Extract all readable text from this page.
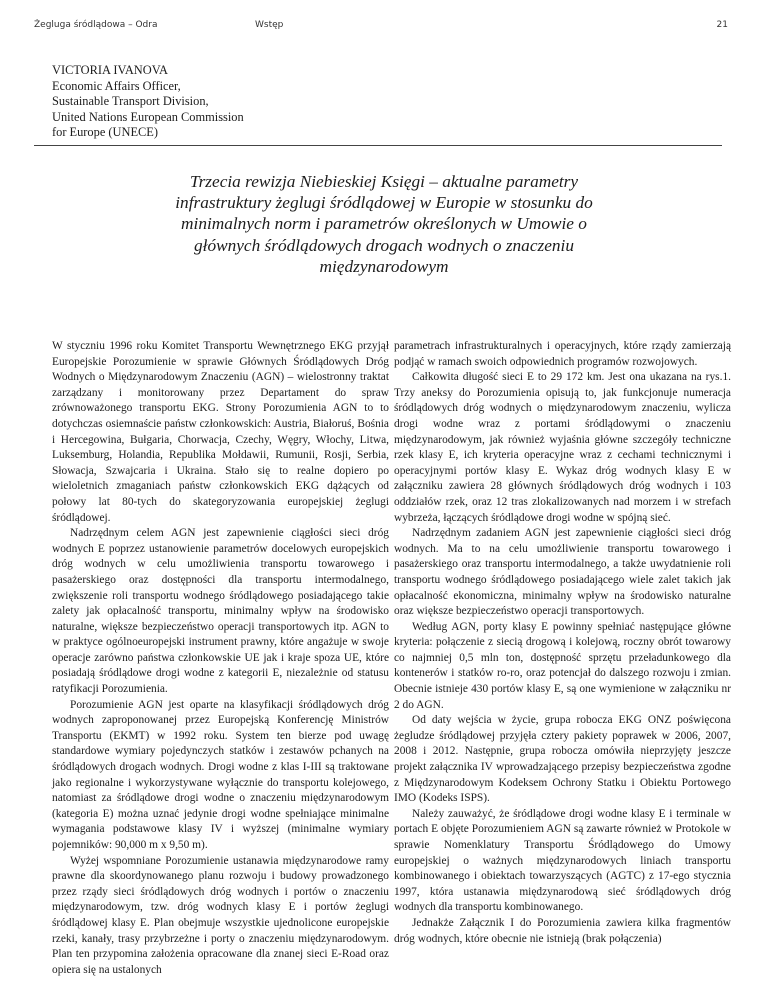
Żegluga śródlądowa – Odra	Wstęp	21
VICTORIA IVANOVA
Economic Affairs Officer,
Sustainable Transport Division,
United Nations European Commission
for Europe (UNECE)
Trzecia rewizja Niebieskiej Księgi – aktualne parametry infrastruktury żeglugi śródlądowej w Europie w stosunku do minimalnych norm i parametrów określonych w Umowie o głównych śródlądowych drogach wodnych o znaczeniu międzynarodowym

W styczniu 1996 roku Komitet Transportu Wewnętrznego EKG przyjął Europejskie Porozumienie w sprawie Głównych Śródlądowych Dróg Wodnych o Międzynarodowym Znaczeniu (AGN) – wielostronny traktat zarządzany i monitorowany przez Departament do spraw zrównoważonego transportu EKG. Strony Porozumienia AGN to to dotychczas osiemnaście państw członkowskich: Austria, Białoruś, Bośnia i Hercegowina, Bułgaria, Chorwacja, Czechy, Węgry, Włochy, Litwa, Luksemburg, Holandia, Republika Mołdawii, Rumunii, Rosji, Serbia, Słowacja, Szwajcaria i Ukraina. Stało się to realne dopiero po wieloletnich zmaganiach państw członkowskich EKG dążących od połowy lat 80-tych do skategoryzowania europejskiej żeglugi śródlądowej.

Nadrzędnym celem AGN jest zapewnienie ciągłości sieci dróg wodnych E poprzez ustanowienie parametrów docelowych europejskich dróg wodnych w celu umożliwienia transportu towarowego i pasażerskiego oraz dostępności dla transportu intermodalnego, zwiększenie roli transportu wodnego śródlądowego posiadającego takie zalety jak opłacalność transportu, minimalny wpływ na środowisko naturalne, większe bezpieczeństwo operacji transportowych itp. AGN to w praktyce ogólnoeuropejski instrument prawny, które angażuje w swoje operacje zarówno państwa członkowskie UE jak i kraje spoza UE, które posiadają śródlądowe drogi wodne z kategorii E, niezależnie od statusu ratyfikacji Porozumienia.

Porozumienie AGN jest oparte na klasyfikacji śródlądowych dróg wodnych zaproponowanej przez Europejską Konferencję Ministrów Transportu (EKMT) w 1992 roku. System ten bierze pod uwagę standardowe wymiary pojedynczych statków i zestawów pchanych na śródlądowych drogach wodnych. Drogi wodne z klas I-III są traktowane jako regionalne i wykorzystywane wyłącznie do transportu kolejowego, natomiast za śródlądowe drogi wodne o znaczeniu międzynarodowym (kategoria E) można uznać jedynie drogi wodne spełniające minimalne wymagania podstawowe klasy IV i wyższej (minimalne wymiary pojemników: 90,000 m x 9,50 m).

Wyżej wspomniane Porozumienie ustanawia międzynarodowe ramy prawne dla skoordynowanego planu rozwoju i budowy prowadzonego przez rządy sieci śródlądowych dróg wodnych i portów o znaczeniu międzynarodowym, tzw. dróg wodnych klasy E i portów żeglugi śródlądowej klasy E. Plan obejmuje wszystkie ujednolicone europejskie rzeki, kanały, trasy przybrzeżne i porty o znaczeniu międzynarodowym. Plan ten przypomina założenia opracowane dla znanej sieci E-Road oraz opiera się na ustalonych

parametrach infrastrukturalnych i operacyjnych, które rządy zamierzają podjąć w ramach swoich odpowiednich programów rozwojowych.

Całkowita długość sieci E to 29 172 km. Jest ona ukazana na rys.1. Trzy aneksy do Porozumienia opisują to, jak funkcjonuje numeracja śródlądowych dróg wodnych o międzynarodowym znaczeniu, wylicza drogi wodne wraz z portami śródlądowymi o znaczeniu międzynarodowym, jak również wyjaśnia główne szczegóły techniczne rzek klasy E, ich kryteria operacyjne wraz z cechami technicznymi i operacyjnymi portów klasy E. Wykaz dróg wodnych klasy E w załączniku zawiera 28 głównych śródlądowych dróg wodnych i 103 oddziałów rzek, oraz 12 tras zlokalizowanych nad morzem i w strefach wybrzeża, łączących śródlądowe drogi wodne w spójną sieć.

Nadrzędnym zadaniem AGN jest zapewnienie ciągłości sieci dróg wodnych. Ma to na celu umożliwienie transportu towarowego i pasażerskiego oraz transportu intermodalnego, a także uwydatnienie roli transportu wodnego śródlądowego posiadającego wiele zalet takich jak opłacalność ekonomiczna, minimalny wpływ na środowisko naturalne oraz większe bezpieczeństwo operacji transportowych.

Według AGN, porty klasy E powinny spełniać następujące główne kryteria: połączenie z siecią drogową i kolejową, roczny obrót towarowy co najmniej 0,5 mln ton, dostępność sprzętu przeładunkowego dla kontenerów i statków ro-ro, oraz potencjał do dalszego rozwoju i zmian. Obecnie istnieje 430 portów klasy E, są one wymienione w załączniku nr 2 do AGN.

Od daty wejścia w życie, grupa robocza EKG ONZ poświęcona żegludze śródlądowej przyjęła cztery pakiety poprawek w 2006, 2007, 2008 i 2012. Następnie, grupa robocza omówiła nieprzyjęty jeszcze projekt załącznika IV wprowadzającego przepisy bezpieczeństwa zgodne z Międzynarodowym Kodeksem Ochrony Statku i Obiektu Portowego IMO (Kodeks ISPS).

Należy zauważyć, że śródlądowe drogi wodne klasy E i terminale w portach E objęte Porozumieniem AGN są zawarte również w Protokole w sprawie Nomenklatury Transportu Śródlądowego do Umowy europejskiej o ważnych międzynarodowych liniach transportu kombinowanego i obiektach towarzyszących (AGTC) z 17-ego stycznia 1997, która ustanawia międzynarodową sieć śródlądowych dróg wodnych dla transportu kombinowanego.

Jednakże Załącznik I do Porozumienia zawiera kilka fragmentów dróg wodnych, które obecnie nie istnieją (brak połączenia)
